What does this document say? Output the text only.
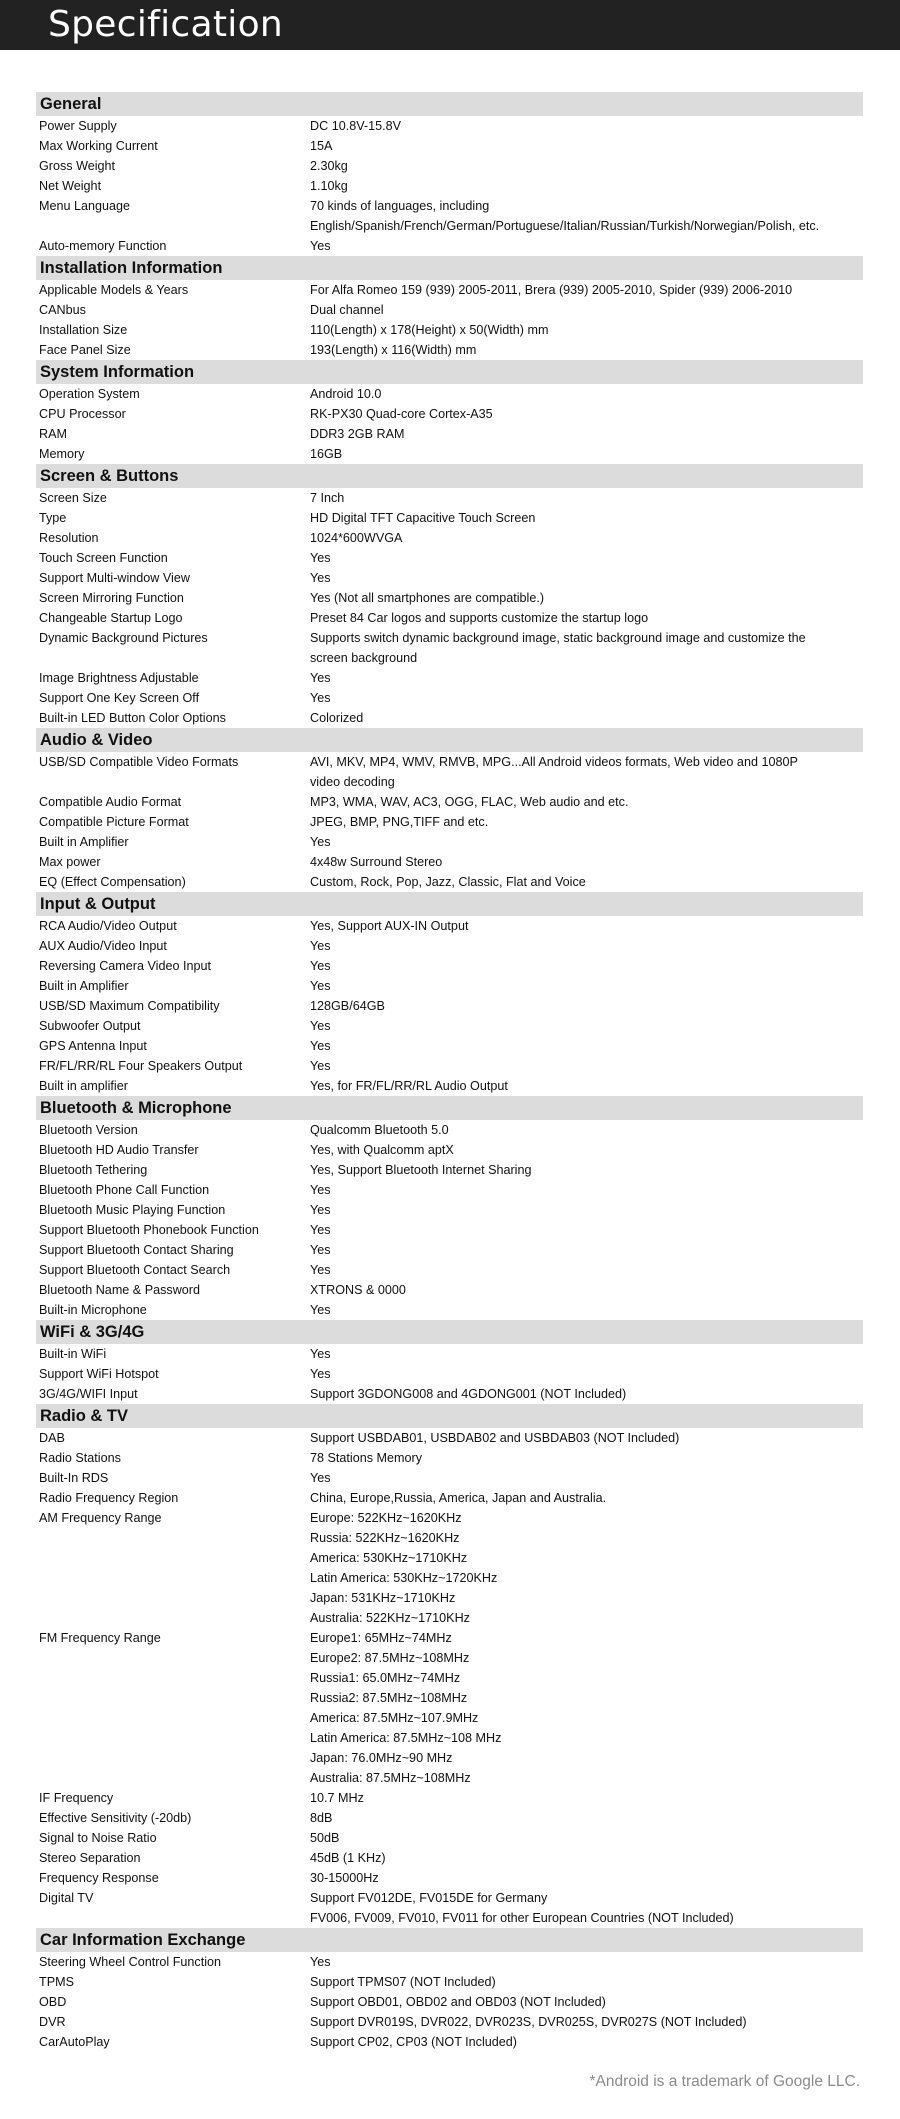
Specification
General
Power Supply	DC 10.8V-15.8V
Max Working Current	15A
Gross Weight	2.30kg
Net Weight	1.10kg
Menu Language	70 kinds of languages, including
English/Spanish/French/German/Portuguese/Italian/Russian/Turkish/Norwegian/Polish, etc.
Auto-memory Function	Yes
Installation Information
Applicable Models & Years	For Alfa Romeo 159 (939) 2005-2011, Brera (939) 2005-2010, Spider (939) 2006-2010
CANbus	Dual channel
Installation Size	110(Length) x 178(Height) x 50(Width) mm
Face Panel Size	193(Length) x 116(Width) mm
System Information
Operation System	Android 10.0
CPU Processor	RK-PX30 Quad-core Cortex-A35
RAM	DDR3 2GB RAM
Memory	16GB
Screen & Buttons
Screen Size	7 Inch
Type	HD Digital TFT Capacitive Touch Screen
Resolution	1024*600WVGA
Touch Screen Function	Yes
Support Multi-window View	Yes
Screen Mirroring Function	Yes (Not all smartphones are compatible.)
Changeable Startup Logo	Preset 84 Car logos and supports customize the startup logo
Dynamic Background Pictures	Supports switch dynamic background image, static background image and customize the
screen background
Image Brightness Adjustable	Yes
Support One Key Screen Off	Yes
Built-in LED Button Color Options	Colorized
Audio & Video
USB/SD Compatible Video Formats	AVI, MKV, MP4, WMV, RMVB, MPG...All Android videos formats, Web video and 1080P
video decoding
Compatible Audio Format	MP3, WMA, WAV, AC3, OGG, FLAC, Web audio and etc.
Compatible Picture Format	JPEG, BMP, PNG,TIFF and etc.
Built in Amplifier	Yes
Max power	4x48w Surround Stereo
EQ (Effect Compensation)	Custom, Rock, Pop, Jazz, Classic, Flat and Voice
Input & Output
RCA Audio/Video Output	Yes, Support AUX-IN Output
AUX Audio/Video Input	Yes
Reversing Camera Video Input	Yes
Built in Amplifier	Yes
USB/SD Maximum Compatibility	128GB/64GB
Subwoofer Output	Yes
GPS Antenna Input	Yes
FR/FL/RR/RL Four Speakers Output	Yes
Built in amplifier	Yes, for FR/FL/RR/RL Audio Output
Bluetooth & Microphone
Bluetooth Version	Qualcomm Bluetooth 5.0
Bluetooth HD Audio Transfer	Yes, with Qualcomm aptX
Bluetooth Tethering	Yes, Support Bluetooth Internet Sharing
Bluetooth Phone Call Function	Yes
Bluetooth Music Playing Function	Yes
Support Bluetooth Phonebook Function	Yes
Support Bluetooth Contact Sharing	Yes
Support Bluetooth Contact Search	Yes
Bluetooth Name & Password	XTRONS & 0000
Built-in Microphone	Yes
WiFi & 3G/4G
Built-in WiFi	Yes
Support WiFi Hotspot	Yes
3G/4G/WIFI Input	Support 3GDONG008 and 4GDONG001 (NOT Included)
Radio & TV
DAB	Support USBDAB01, USBDAB02 and USBDAB03 (NOT Included)
Radio Stations	78 Stations Memory
Built-In RDS	Yes
Radio Frequency Region	China, Europe,Russia, America, Japan and Australia.
AM Frequency Range	Europe: 522KHz~1620KHz
Russia: 522KHz~1620KHz
America: 530KHz~1710KHz
Latin America: 530KHz~1720KHz
Japan: 531KHz~1710KHz
Australia: 522KHz~1710KHz
FM Frequency Range	Europe1: 65MHz~74MHz
Europe2: 87.5MHz~108MHz
Russia1: 65.0MHz~74MHz
Russia2: 87.5MHz~108MHz
America: 87.5MHz~107.9MHz
Latin America: 87.5MHz~108 MHz
Japan: 76.0MHz~90 MHz
Australia: 87.5MHz~108MHz
IF Frequency	10.7 MHz
Effective Sensitivity (-20db)	8dB
Signal to Noise Ratio	50dB
Stereo Separation	45dB (1 KHz)
Frequency Response	30-15000Hz
Digital TV	Support FV012DE, FV015DE for Germany
FV006, FV009, FV010, FV011 for other European Countries (NOT Included)
Car Information Exchange
Steering Wheel Control Function	Yes
TPMS	Support TPMS07 (NOT Included)
OBD	Support OBD01, OBD02 and OBD03 (NOT Included)
DVR	Support DVR019S, DVR022, DVR023S, DVR025S, DVR027S (NOT Included)
CarAutoPlay	Support CP02, CP03 (NOT Included)
*Android is a trademark of Google LLC.
